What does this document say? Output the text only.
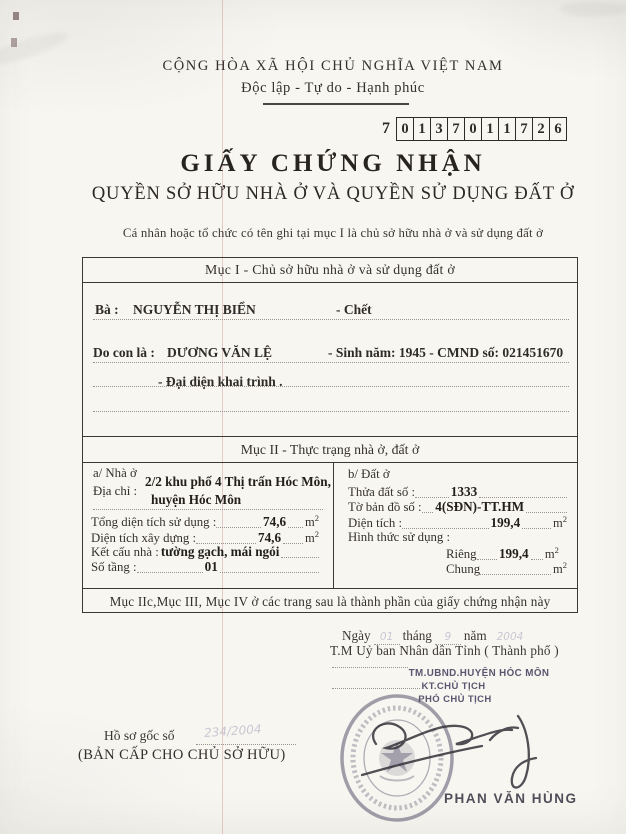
CỘNG HÒA XÃ HỘI CHỦ NGHĨA VIỆT NAM
Độc lập - Tự do - Hạnh phúc
7 0 1 3 7 0 1 1 7 2 6
GIẤY CHỨNG NHẬN
QUYỀN SỞ HỮU NHÀ Ở VÀ QUYỀN SỬ DỤNG ĐẤT Ở
Cá nhân hoặc tổ chức có tên ghi tại mục I là chủ sở hữu nhà ở và sử dụng đất ở
Mục I - Chủ sở hữu nhà ở và sử dụng đất ở
Bà : NGUYỄN THỊ BIỂN	- Chết
Do con là : DƯƠNG VĂN LỆ	- Sinh năm: 1945 - CMND số: 021451670
- Đại diện khai trình .
Mục II - Thực trạng nhà ở, đất ở
a/ Nhà ở
Địa chỉ :
2/2 khu phố 4 Thị trấn Hóc Môn,
huyện Hóc Môn
Tổng diện tích sử dụng :	74,6 $m^2$
Diện tích xây dựng :	74,6 $m^2$
Kết cấu nhà : tường gạch, mái ngói
Số tầng :	01
b/ Đất ở
Thửa đất số :	1333
Tờ bản đồ số : 4(SĐN)-TT.HM
Diện tích :	199,4	$m^2$
Hình thức sử dụng :
Riêng 199,4 $m^2$
Chung	$m^2$
Mục IIc,Mục III, Mục IV ở các trang sau là thành phần của giấy chứng nhận này
Ngày 01 tháng	9 năm 2004
T.M Uỷ ban Nhân dân Tỉnh ( Thành phố )
TM.UBND.HUYỆN HÓC MÔN
KT.CHỦ TỊCH
PHÓ CHỦ TỊCH
PHAN VĂN HÙNG
Hồ sơ gốc số 234/2004
(BẢN CẤP CHO CHỦ SỞ HỮU)
